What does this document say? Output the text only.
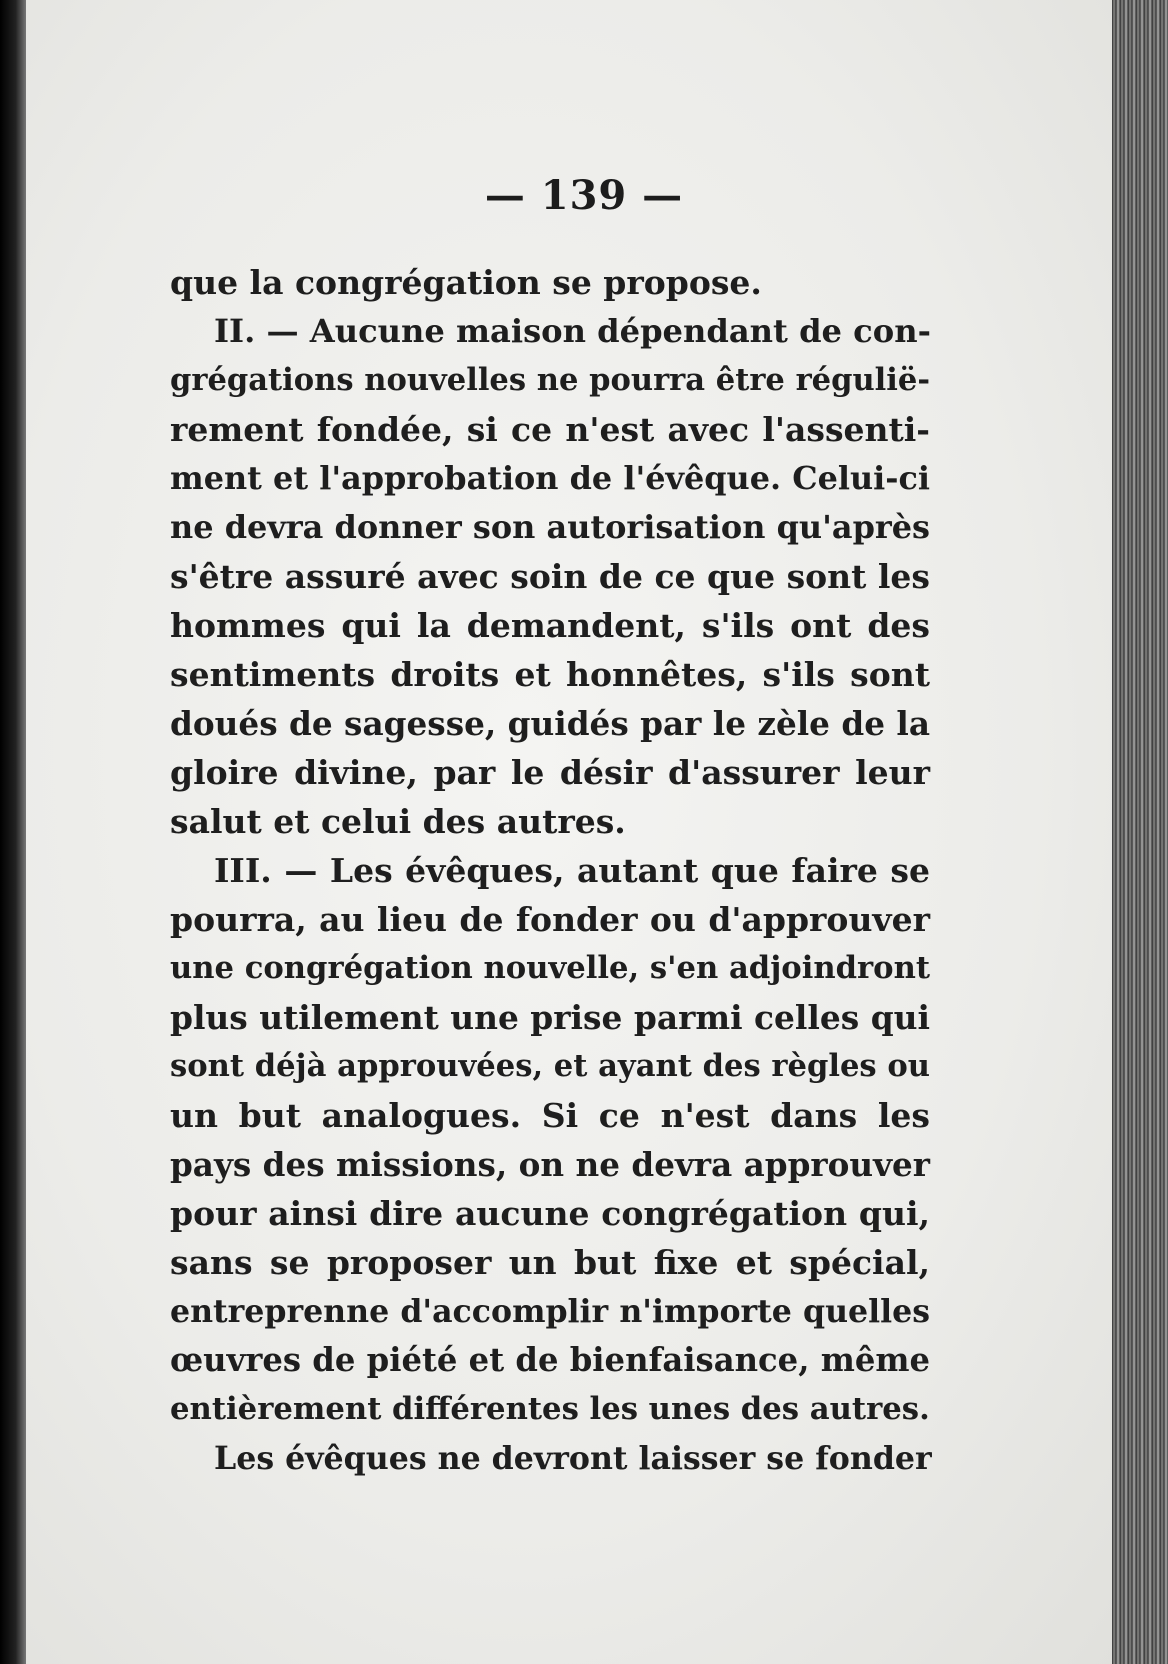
— 139 —
que la congrégation se propose.
II. — Aucune maison dépendant de con-
grégations nouvelles ne pourra être régulië-
rement fondée, si ce n'est avec l'assenti-
ment et l'approbation de l'évêque. Celui-ci
ne devra donner son autorisation qu'après
s'être assuré avec soin de ce que sont les
hommes qui la demandent, s'ils ont des
sentiments droits et honnêtes, s'ils sont
doués de sagesse, guidés par le zèle de la
gloire divine, par le désir d'assurer leur
salut et celui des autres.
III. — Les évêques, autant que faire se
pourra, au lieu de fonder ou d'approuver
une congrégation nouvelle, s'en adjoindront
plus utilement une prise parmi celles qui
sont déjà approuvées, et ayant des règles ou
un but analogues. Si ce n'est dans les
pays des missions, on ne devra approuver
pour ainsi dire aucune congrégation qui,
sans se proposer un but fixe et spécial,
entreprenne d'accomplir n'importe quelles
œuvres de piété et de bienfaisance, même
entièrement différentes les unes des autres.
Les évêques ne devront laisser se fonder
